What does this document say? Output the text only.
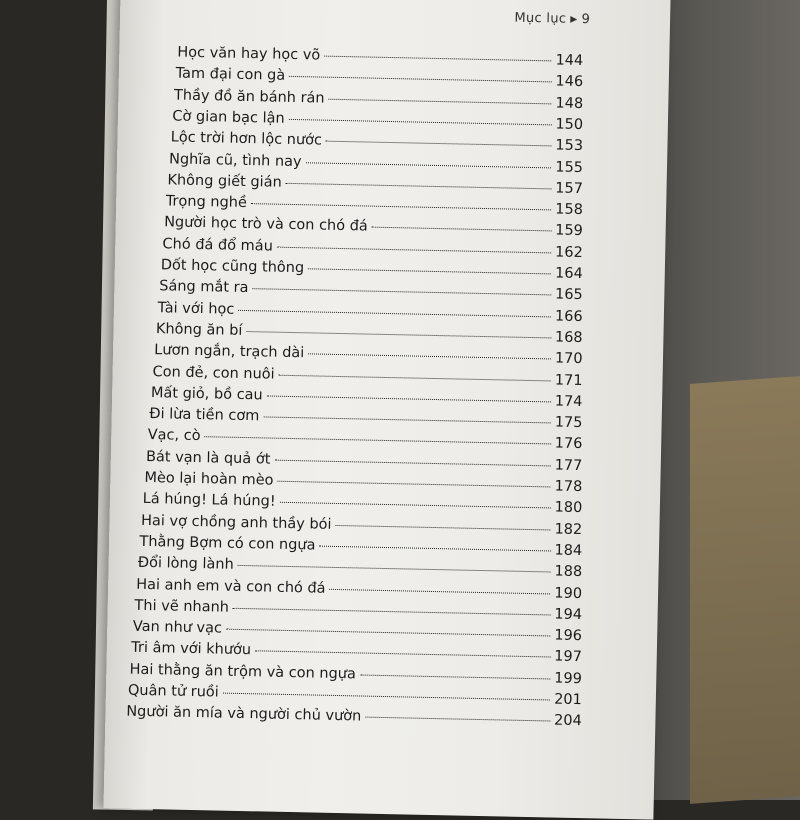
Mục lục ▶ 9
Học văn hay học võ	144
Tam đại con gà	146
Thầy đồ ăn bánh rán	148
Cờ gian bạc lận	150
Lộc trời hơn lộc nước	153
Nghĩa cũ, tình nay	155
Không giết gián	157
Trọng nghề	158
Người học trò và con chó đá	159
Chó đá đổ máu	162
Dốt học cũng thông	164
Sáng mắt ra	165
Tài với học	166
Không ăn bí	168
Lươn ngắn, trạch dài	170
Con đẻ, con nuôi	171
Mất giỏ, bồ cau	174
Đi lừa tiền cơm	175
Vạc, cò	176
Bát vạn là quả ớt	177
Mèo lại hoàn mèo	178
Lá húng! Lá húng!	180
Hai vợ chồng anh thầy bói	182
Thằng Bợm có con ngựa	184
Đổi lòng lành	188
Hai anh em và con chó đá	190
Thi vẽ nhanh	194
Van như vạc	196
Tri âm với khướu	197
Hai thằng ăn trộm và con ngựa	199
Quân tử ruồi	201
Người ăn mía và người chủ vườn	204
